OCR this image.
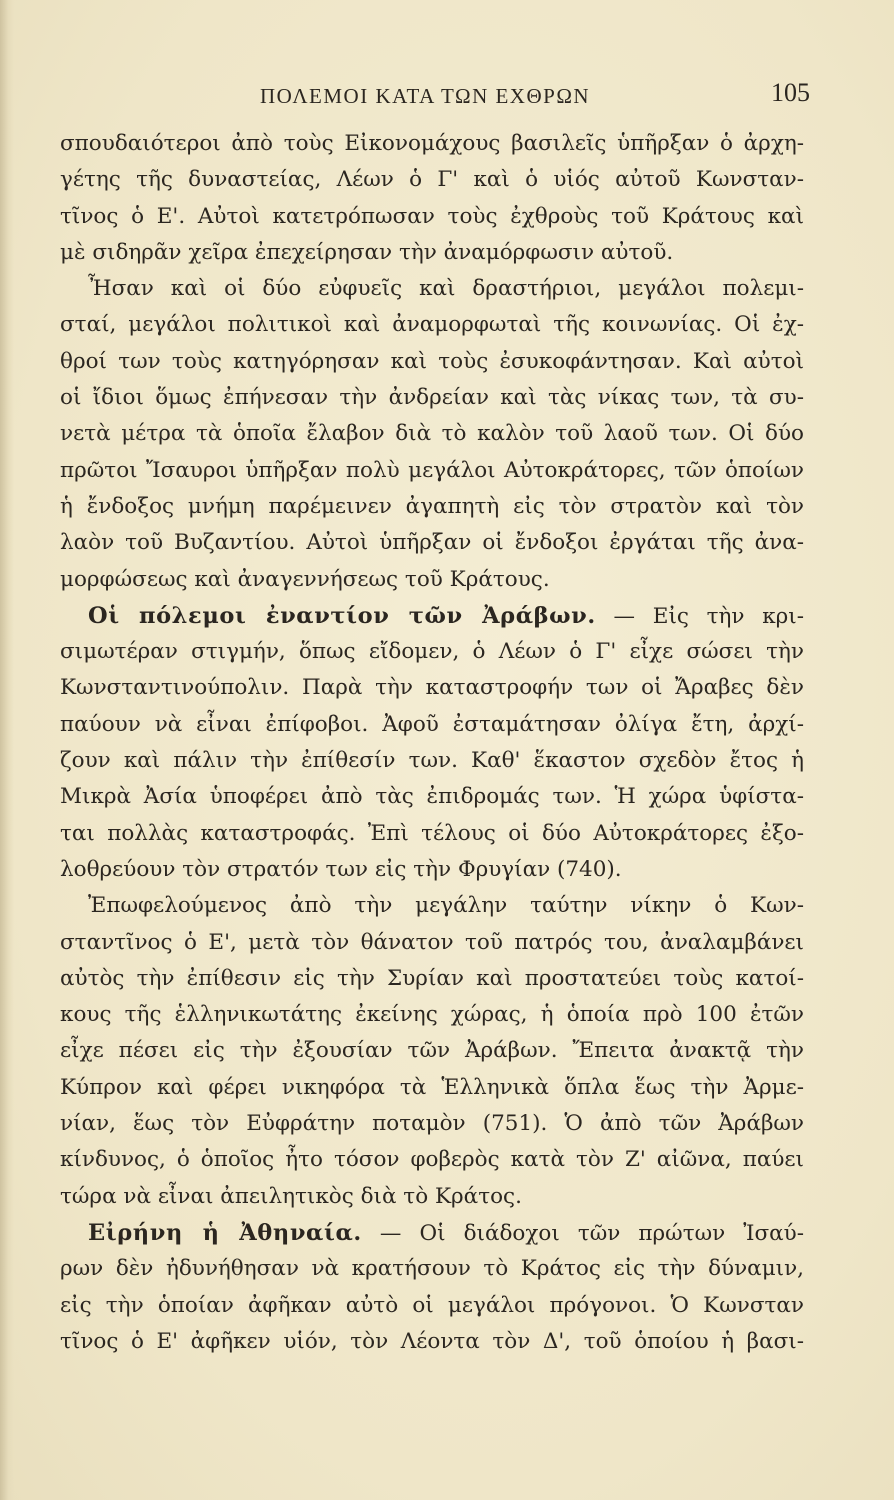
ΠΟΛΕΜΟΙ ΚΑΤΑ ΤΩΝ ΕΧΘΡΩΝ	105
σπουδαιότεροι ἀπὸ τοὺς Εἰκονομάχους βασιλεῖς ὑπῆρξαν ὁ ἀρχη-
γέτης τῆς δυναστείας, Λέων ὁ Γ' καὶ ὁ υἱός αὐτοῦ Κωνσταν-
τῖνος ὁ Ε'. Αὐτοὶ κατετρόπωσαν τοὺς ἐχθροὺς τοῦ Κράτους καὶ
μὲ σιδηρᾶν χεῖρα ἐπεχείρησαν τὴν ἀναμόρφωσιν αὐτοῦ.
Ἦσαν καὶ οἱ δύο εὐφυεῖς καὶ δραστήριοι, μεγάλοι πολεμι-
σταί, μεγάλοι πολιτικοὶ καὶ ἀναμορφωταὶ τῆς κοινωνίας. Οἱ ἐχ-
θροί των τοὺς κατηγόρησαν καὶ τοὺς ἐσυκοφάντησαν. Καὶ αὐτοὶ
οἱ ἴδιοι ὅμως ἐπήνεσαν τὴν ἀνδρείαν καὶ τὰς νίκας των, τὰ συ-
νετὰ μέτρα τὰ ὁποῖα ἔλαβον διὰ τὸ καλὸν τοῦ λαοῦ των. Οἱ δύο
πρῶτοι Ἴσαυροι ὑπῆρξαν πολὺ μεγάλοι Αὐτοκράτορες, τῶν ὁποίων
ἡ ἔνδοξος μνήμη παρέμεινεν ἀγαπητὴ εἰς τὸν στρατὸν καὶ τὸν
λαὸν τοῦ Βυζαντίου. Αὐτοὶ ὑπῆρξαν οἱ ἔνδοξοι ἐργάται τῆς ἀνα-
μορφώσεως καὶ ἀναγεννήσεως τοῦ Κράτους.
Οἱ πόλεμοι ἐναντίον τῶν Ἀράβων. — Εἰς τὴν κρι-
σιμωτέραν στιγμήν, ὅπως εἴδομεν, ὁ Λέων ὁ Γ' εἶχε σώσει τὴν
Κωνσταντινούπολιν. Παρὰ τὴν καταστροφήν των οἱ Ἄραβες δὲν
παύουν νὰ εἶναι ἐπίφοβοι. Ἀφοῦ ἐσταμάτησαν ὀλίγα ἔτη, ἀρχί-
ζουν καὶ πάλιν τὴν ἐπίθεσίν των. Καθ' ἕκαστον σχεδὸν ἔτος ἡ
Μικρὰ Ἀσία ὑποφέρει ἀπὸ τὰς ἐπιδρομάς των. Ἡ χώρα ὑφίστα-
ται πολλὰς καταστροφάς. Ἐπὶ τέλους οἱ δύο Αὐτοκράτορες ἐξο-
λοθρεύουν τὸν στρατόν των εἰς τὴν Φρυγίαν (740).
Ἐπωφελούμενος ἀπὸ τὴν μεγάλην ταύτην νίκην ὁ Κων-
σταντῖνος ὁ Ε', μετὰ τὸν θάνατον τοῦ πατρός του, ἀναλαμβάνει
αὐτὸς τὴν ἐπίθεσιν εἰς τὴν Συρίαν καὶ προστατεύει τοὺς κατοί-
κους τῆς ἑλληνικωτάτης ἐκείνης χώρας, ἡ ὁποία πρὸ 100 ἐτῶν
εἶχε πέσει εἰς τὴν ἐξουσίαν τῶν Ἀράβων. Ἔπειτα ἀνακτᾷ τὴν
Κύπρον καὶ φέρει νικηφόρα τὰ Ἑλληνικὰ ὅπλα ἕως τὴν Ἀρμε-
νίαν, ἕως τὸν Εὐφράτην ποταμὸν (751). Ὁ ἀπὸ τῶν Ἀράβων
κίνδυνος, ὁ ὁποῖος ἦτο τόσον φοβερὸς κατὰ τὸν Ζ' αἰῶνα, παύει
τώρα νὰ εἶναι ἀπειλητικὸς διὰ τὸ Κράτος.
Εἰρήνη ἡ Ἀθηναία. — Οἱ διάδοχοι τῶν πρώτων Ἰσαύ-
ρων δὲν ἠδυνήθησαν νὰ κρατήσουν τὸ Κράτος εἰς τὴν δύναμιν,
εἰς τὴν ὁποίαν ἀφῆκαν αὐτὸ οἱ μεγάλοι πρόγονοι. Ὁ Κωνσταν
τῖνος ὁ Ε' ἀφῆκεν υἱόν, τὸν Λέοντα τὸν Δ', τοῦ ὁποίου ἡ βασι-
